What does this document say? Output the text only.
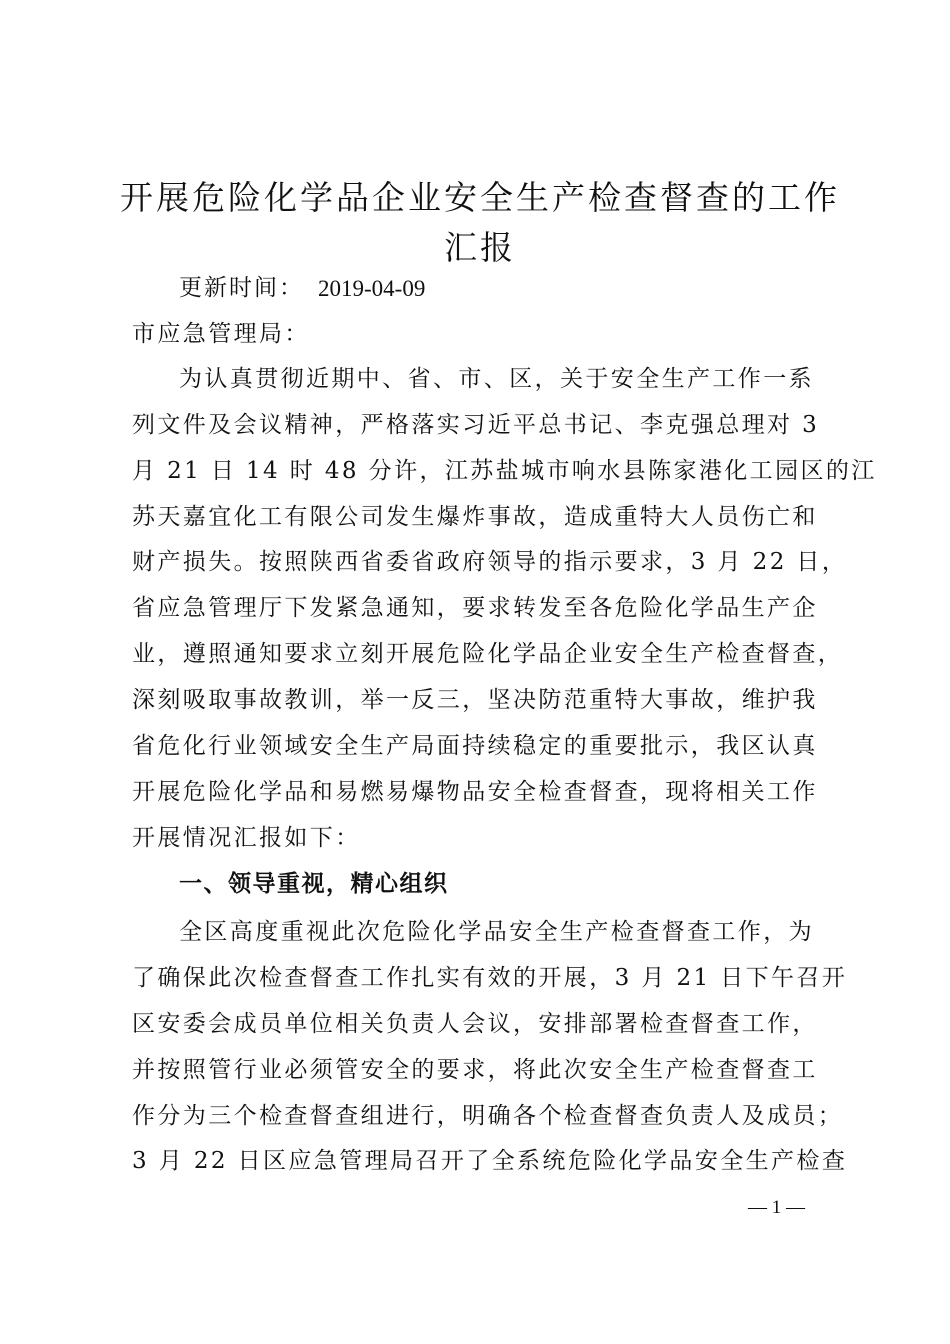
开展危险化学品企业安全生产检查督查的工作
汇报
更新时间： 2019-04-09
市应急管理局：
为认真贯彻近期中、省、市、区，关于安全生产工作一系
列文件及会议精神，严格落实习近平总书记、李克强总理对 3
月 21 日 14 时 48 分许，江苏盐城市响水县陈家港化工园区的江
苏天嘉宜化工有限公司发生爆炸事故，造成重特大人员伤亡和
财产损失。按照陕西省委省政府领导的指示要求，3 月 22 日，
省应急管理厅下发紧急通知，要求转发至各危险化学品生产企
业，遵照通知要求立刻开展危险化学品企业安全生产检查督查，
深刻吸取事故教训，举一反三，坚决防范重特大事故，维护我
省危化行业领域安全生产局面持续稳定的重要批示，我区认真
开展危险化学品和易燃易爆物品安全检查督查，现将相关工作
开展情况汇报如下：
一、领导重视，精心组织
全区高度重视此次危险化学品安全生产检查督查工作，为
了确保此次检查督查工作扎实有效的开展，3 月 21 日下午召开
区安委会成员单位相关负责人会议，安排部署检查督查工作，
并按照管行业必须管安全的要求，将此次安全生产检查督查工
作分为三个检查督查组进行，明确各个检查督查负责人及成员；
3 月 22 日区应急管理局召开了全系统危险化学品安全生产检查
— 1 —
